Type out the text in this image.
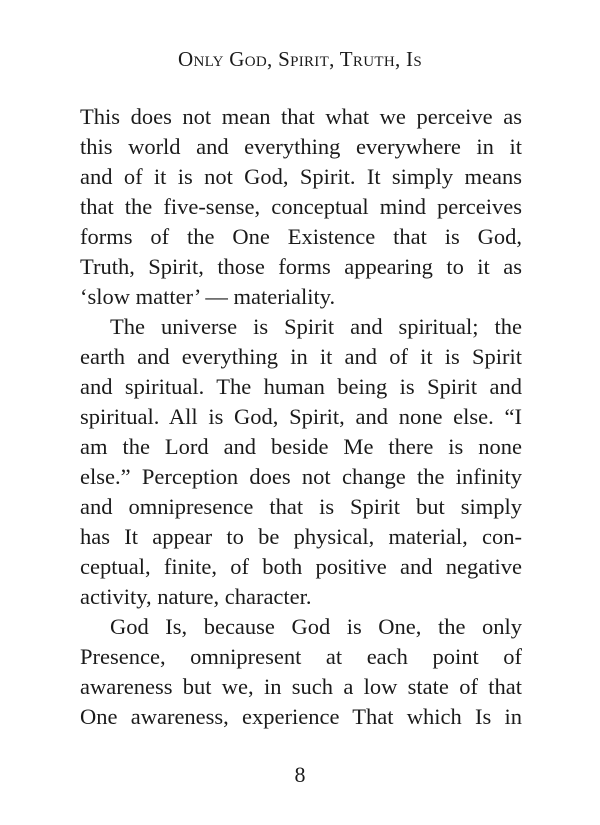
Only God, Spirit, Truth, Is
This does not mean that what we perceive as
this world and everything everywhere in it
and of it is not God, Spirit. It simply means
that the five-sense, conceptual mind perceives
forms of the One Existence that is God,
Truth, Spirit, those forms appearing to it as
‘slow matter’ — materiality.
The universe is Spirit and spiritual; the
earth and everything in it and of it is Spirit
and spiritual. The human being is Spirit and
spiritual. All is God, Spirit, and none else. “I
am the Lord and beside Me there is none
else.” Perception does not change the infinity
and omnipresence that is Spirit but simply
has It appear to be physical, material, con-
ceptual, finite, of both positive and negative
activity, nature, character.
God Is, because God is One, the only
Presence, omnipresent at each point of
awareness but we, in such a low state of that
One awareness, experience That which Is in
8
